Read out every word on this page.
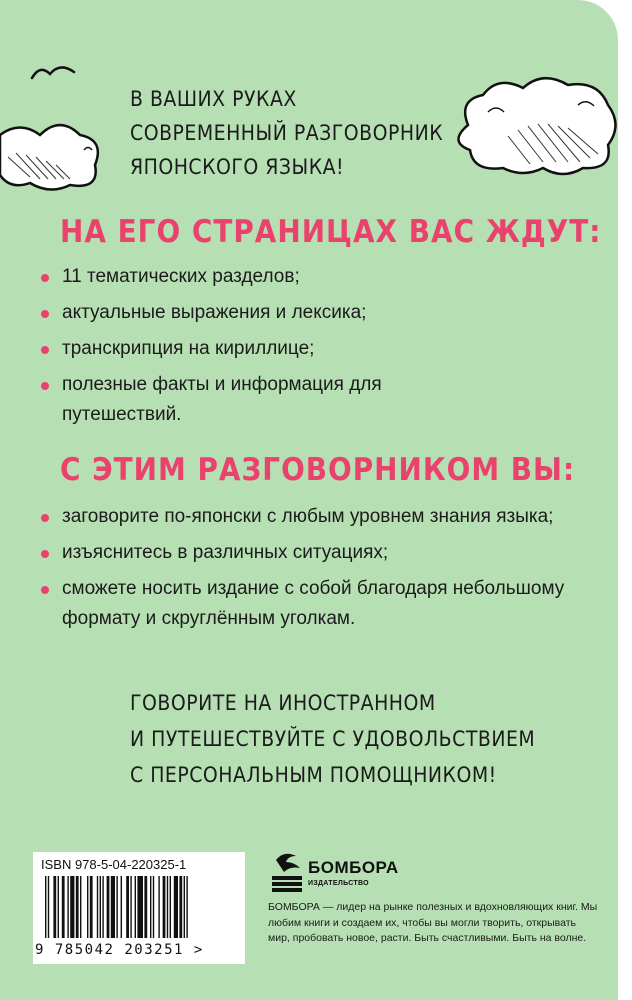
В ВАШИХ РУКАХ
СОВРЕМЕННЫЙ РАЗГОВОРНИК
ЯПОНСКОГО ЯЗЫКА!
НА ЕГО СТРАНИЦАХ ВАС ЖДУТ:
11 тематических разделов;
актуальные выражения и лексика;
транскрипция на кириллице;
полезные факты и информация для путешествий.
С ЭТИМ РАЗГОВОРНИКОМ ВЫ:
заговорите по-японски с любым уровнем знания языка;
изъяснитесь в различных ситуациях;
сможете носить издание с собой благодаря небольшому формату и скруглённым уголкам.
ГОВОРИТЕ НА ИНОСТРАННОМ
И ПУТЕШЕСТВУЙТЕ С УДОВОЛЬСТВИЕМ
С ПЕРСОНАЛЬНЫМ ПОМОЩНИКОМ!
ISBN 978-5-04-220325-1
9 785042 203251 >
БОМБОРА
ИЗДАТЕЛЬСТВО
БОМБОРА — лидер на рынке полезных и вдохновляющих книг. Мы любим книги и создаем их, чтобы вы могли творить, открывать мир, пробовать новое, расти. Быть счастливыми. Быть на волне.
